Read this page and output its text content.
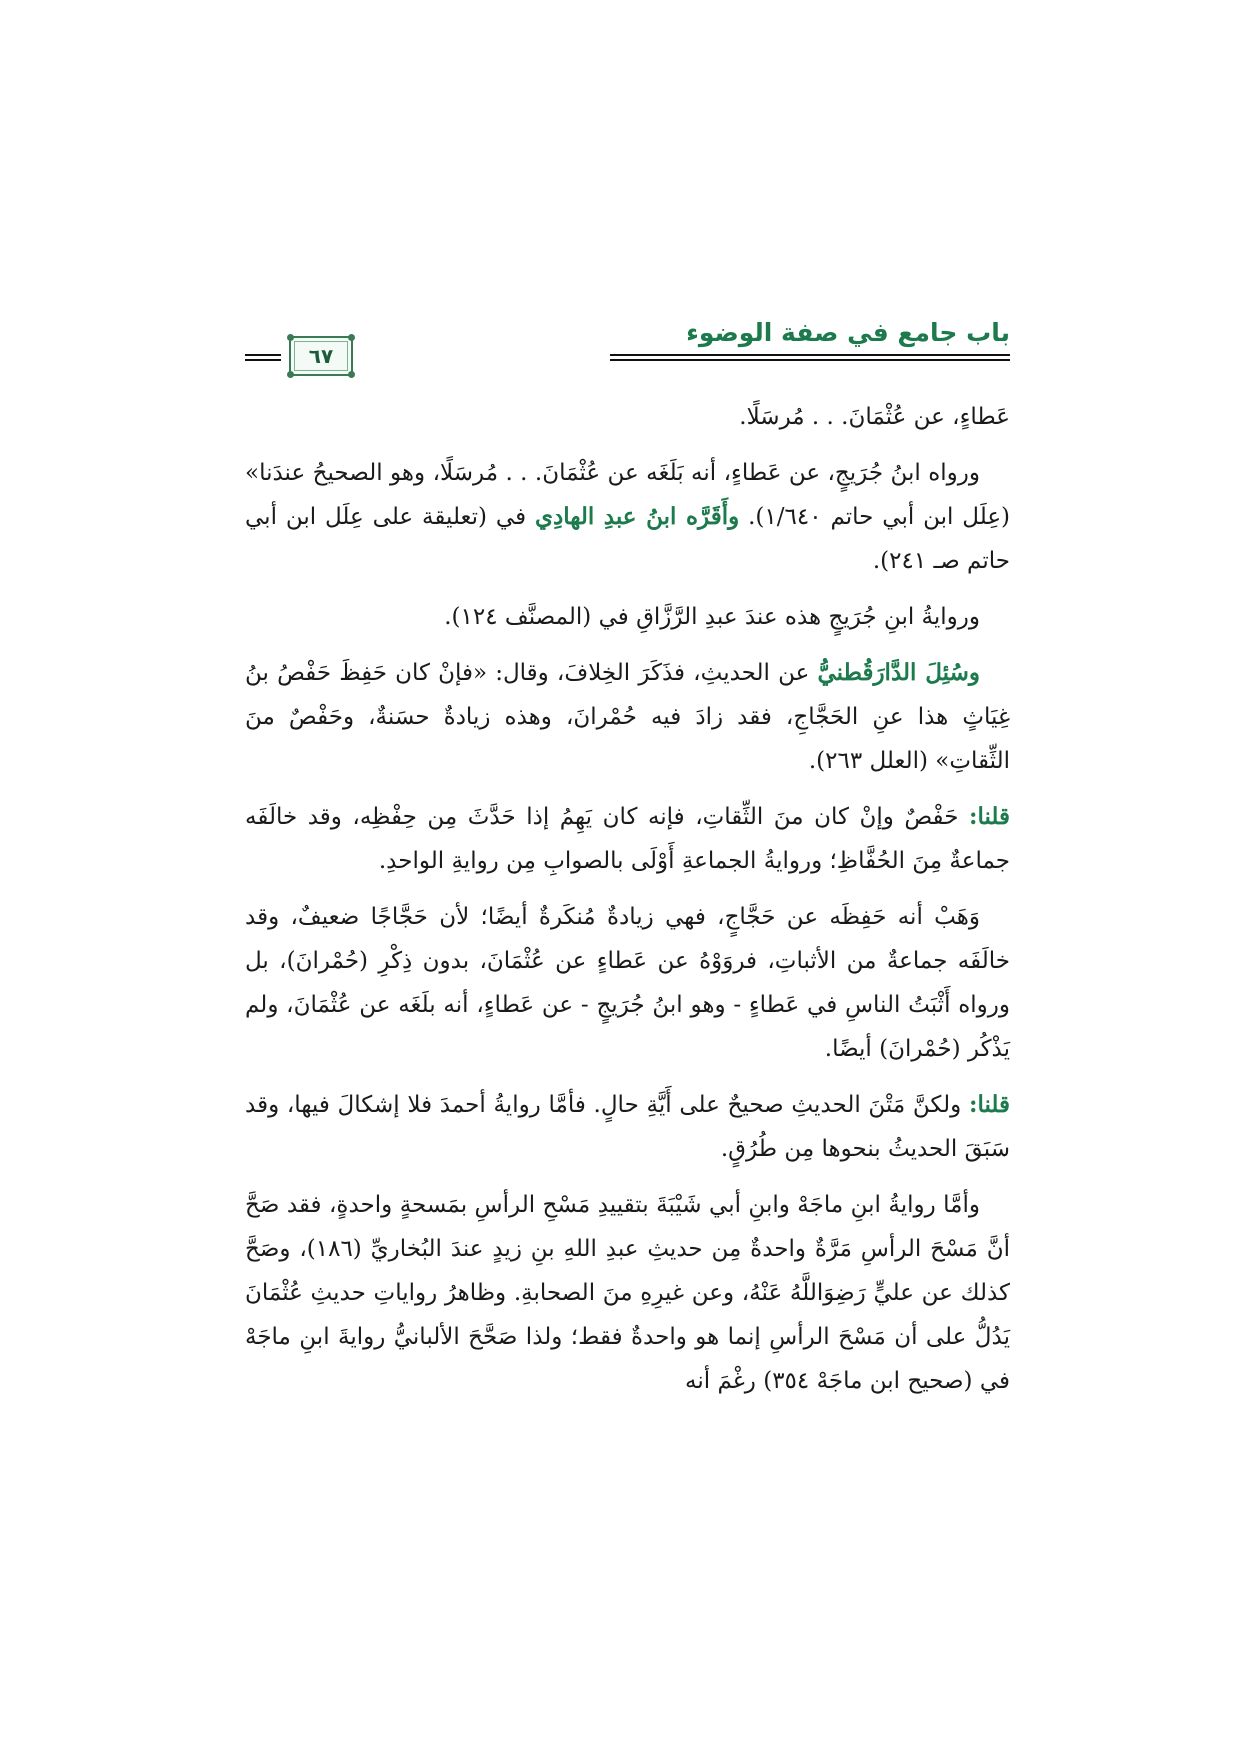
باب جامع في صفة الوضوء
٦٧

عَطاءٍ، عن عُثْمَانَ. . . مُرسَلًا.

ورواه ابنُ جُرَيجٍ، عن عَطاءٍ، أنه بَلَغَه عن عُثْمَانَ. . . مُرسَلًا، وهو الصحيحُ عندَنا» (عِلَل ابن أبي حاتم ١/٦٤٠). وأَقَرَّه ابنُ عبدِ الهادِي في (تعليقة على عِلَل ابن أبي حاتم صـ ٢٤١).

وروايةُ ابنِ جُرَيجٍ هذه عندَ عبدِ الرَّزَّاقِ في (المصنَّف ١٢٤).

وسُئِلَ الدَّارَقُطنيُّ عن الحديثِ، فذَكَرَ الخِلافَ، وقال: «فإنْ كان حَفِظَ حَفْصُ بنُ غِيَاثٍ هذا عنِ الحَجَّاجِ، فقد زادَ فيه حُمْرانَ، وهذه زيادةٌ حسَنةٌ، وحَفْصٌ منَ الثِّقاتِ» (العلل ٢٦٣).

قلنا: حَفْصٌ وإنْ كان منَ الثِّقاتِ، فإنه كان يَهِمُ إذا حَدَّثَ مِن حِفْظِه، وقد خالَفَه جماعةٌ مِنَ الحُفَّاظِ؛ وروايةُ الجماعةِ أَوْلَى بالصوابِ مِن روايةِ الواحدِ.

وَهَبْ أنه حَفِظَه عن حَجَّاجٍ، فهي زيادةٌ مُنكَرةٌ أيضًا؛ لأن حَجَّاجًا ضعيفٌ، وقد خالَفَه جماعةٌ من الأثباتِ، فروَوْهُ عن عَطاءٍ عن عُثْمَانَ، بدون ذِكْرِ (حُمْرانَ)، بل ورواه أَثْبَتُ الناسِ في عَطاءٍ - وهو ابنُ جُرَيجٍ - عن عَطاءٍ، أنه بلَغَه عن عُثْمَانَ، ولم يَذْكُر (حُمْرانَ) أيضًا.

قلنا: ولكنَّ مَتْنَ الحديثِ صحيحٌ على أَيَّةِ حالٍ. فأمَّا روايةُ أحمدَ فلا إشكالَ فيها، وقد سَبَقَ الحديثُ بنحوها مِن طُرُقٍ.

وأمَّا روايةُ ابنِ ماجَهْ وابنِ أبي شَيْبَةَ بتقييدِ مَسْحِ الرأسِ بمَسحةٍ واحدةٍ، فقد صَحَّ أنَّ مَسْحَ الرأسِ مَرَّةٌ واحدةٌ مِن حديثِ عبدِ اللهِ بنِ زيدٍ عندَ البُخاريِّ (١٨٦)، وصَحَّ كذلك عن عليٍّ رَضِوَاللَّهُ عَنْهُ، وعن غيرِهِ منَ الصحابةِ. وظاهرُ رواياتِ حديثِ عُثْمَانَ يَدُلُّ على أن مَسْحَ الرأسِ إنما هو واحدةٌ فقط؛ ولذا صَحَّحَ الألبانيُّ روايةَ ابنِ ماجَهْ في (صحيح ابن ماجَهْ ٣٥٤) رغْمَ أنه
